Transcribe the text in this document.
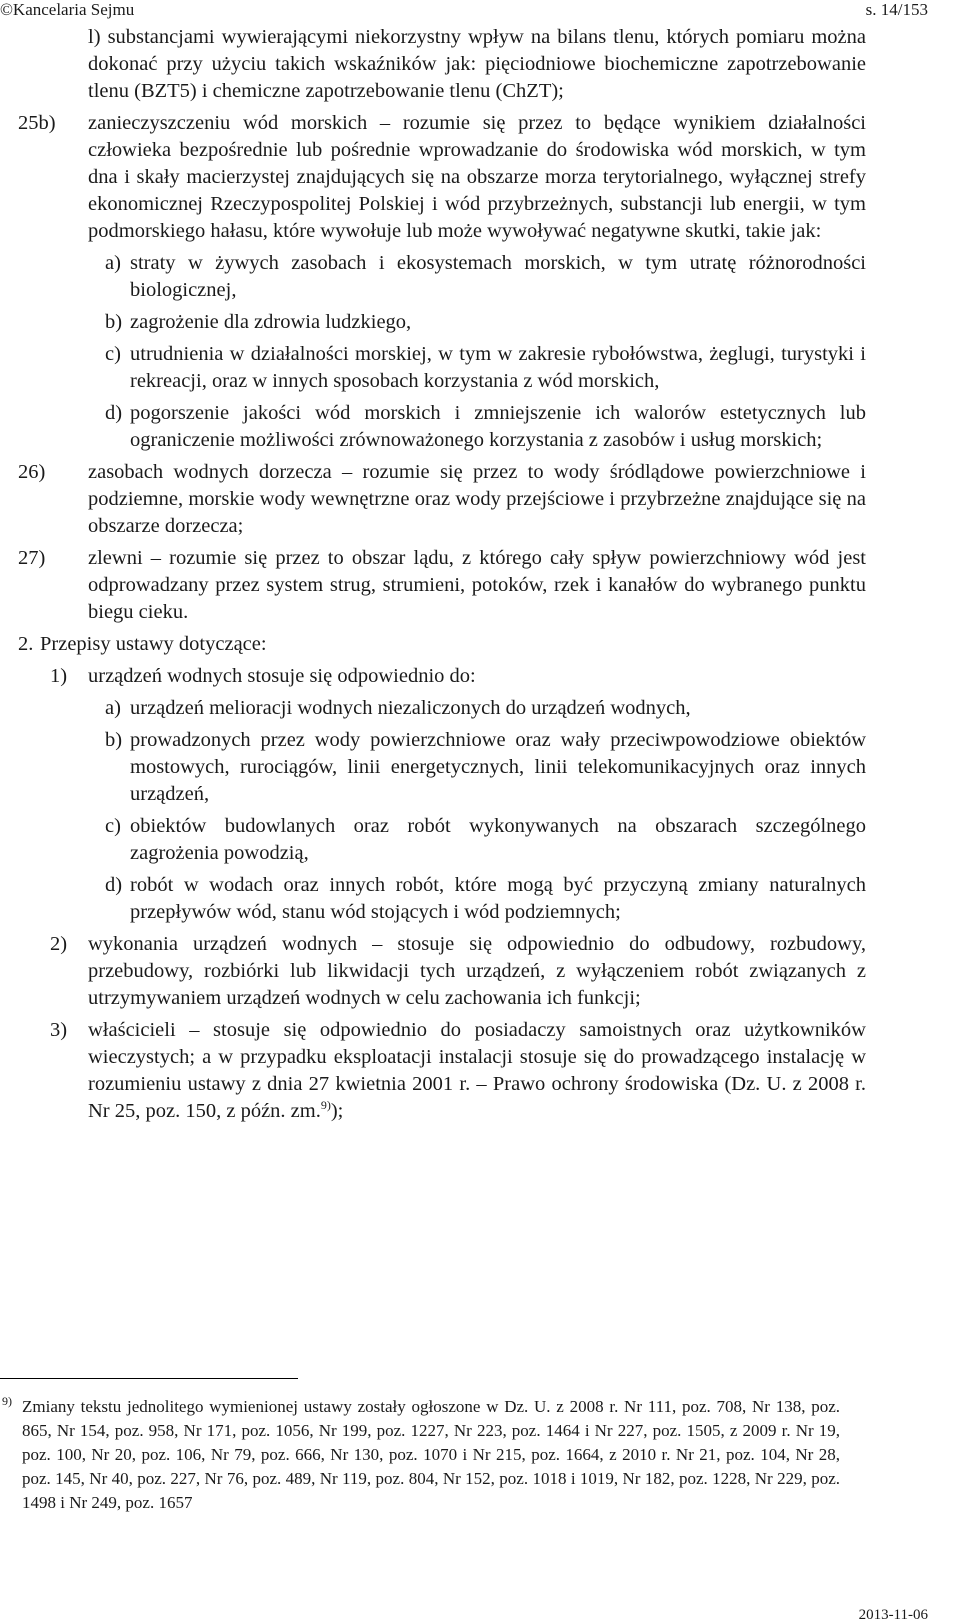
©Kancelaria Sejmu	s. 14/153

l) substancjami wywierającymi niekorzystny wpływ na bilans tlenu, których pomiaru można dokonać przy użyciu takich wskaźników jak: pięciodniowe biochemiczne zapotrzebowanie tlenu (BZT5) i chemiczne zapotrzebowanie tlenu (ChZT);

25b) zanieczyszczeniu wód morskich – rozumie się przez to będące wynikiem działalności człowieka bezpośrednie lub pośrednie wprowadzanie do środowiska wód morskich, w tym dna i skały macierzystej znajdujących się na obszarze morza terytorialnego, wyłącznej strefy ekonomicznej Rzeczypospolitej Polskiej i wód przybrzeżnych, substancji lub energii, w tym podmorskiego hałasu, które wywołuje lub może wywoływać negatywne skutki, takie jak:

a) straty w żywych zasobach i ekosystemach morskich, w tym utratę różnorodności biologicznej,

b) zagrożenie dla zdrowia ludzkiego,

c) utrudnienia w działalności morskiej, w tym w zakresie rybołówstwa, żeglugi, turystyki i rekreacji, oraz w innych sposobach korzystania z wód morskich,

d) pogorszenie jakości wód morskich i zmniejszenie ich walorów estetycznych lub ograniczenie możliwości zrównoważonego korzystania z zasobów i usług morskich;

26) zasobach wodnych dorzecza – rozumie się przez to wody śródlądowe powierzchniowe i podziemne, morskie wody wewnętrzne oraz wody przejściowe i przybrzeżne znajdujące się na obszarze dorzecza;

27) zlewni – rozumie się przez to obszar lądu, z którego cały spływ powierzchniowy wód jest odprowadzany przez system strug, strumieni, potoków, rzek i kanałów do wybranego punktu biegu cieku.

2. Przepisy ustawy dotyczące:

1) urządzeń wodnych stosuje się odpowiednio do:

a) urządzeń melioracji wodnych niezaliczonych do urządzeń wodnych,

b) prowadzonych przez wody powierzchniowe oraz wały przeciwpowodziowe obiektów mostowych, rurociągów, linii energetycznych, linii telekomunikacyjnych oraz innych urządzeń,

c) obiektów budowlanych oraz robót wykonywanych na obszarach szczególnego zagrożenia powodzią,

d) robót w wodach oraz innych robót, które mogą być przyczyną zmiany naturalnych przepływów wód, stanu wód stojących i wód podziemnych;

2) wykonania urządzeń wodnych – stosuje się odpowiednio do odbudowy, rozbudowy, przebudowy, rozbiórki lub likwidacji tych urządzeń, z wyłączeniem robót związanych z utrzymywaniem urządzeń wodnych w celu zachowania ich funkcji;

3) właścicieli – stosuje się odpowiednio do posiadaczy samoistnych oraz użytkowników wieczystych; a w przypadku eksploatacji instalacji stosuje się do prowadzącego instalację w rozumieniu ustawy z dnia 27 kwietnia 2001 r. – Prawo ochrony środowiska (Dz. U. z 2008 r. Nr 25, poz. 150, z późn. zm.$^{9)}$);

9) Zmiany tekstu jednolitego wymienionej ustawy zostały ogłoszone w Dz. U. z 2008 r. Nr 111, poz. 708, Nr 138, poz. 865, Nr 154, poz. 958, Nr 171, poz. 1056, Nr 199, poz. 1227, Nr 223, poz. 1464 i Nr 227, poz. 1505, z 2009 r. Nr 19, poz. 100, Nr 20, poz. 106, Nr 79, poz. 666, Nr 130, poz. 1070 i Nr 215, poz. 1664, z 2010 r. Nr 21, poz. 104, Nr 28, poz. 145, Nr 40, poz. 227, Nr 76, poz. 489, Nr 119, poz. 804, Nr 152, poz. 1018 i 1019, Nr 182, poz. 1228, Nr 229, poz. 1498 i Nr 249, poz. 1657
2013-11-06
